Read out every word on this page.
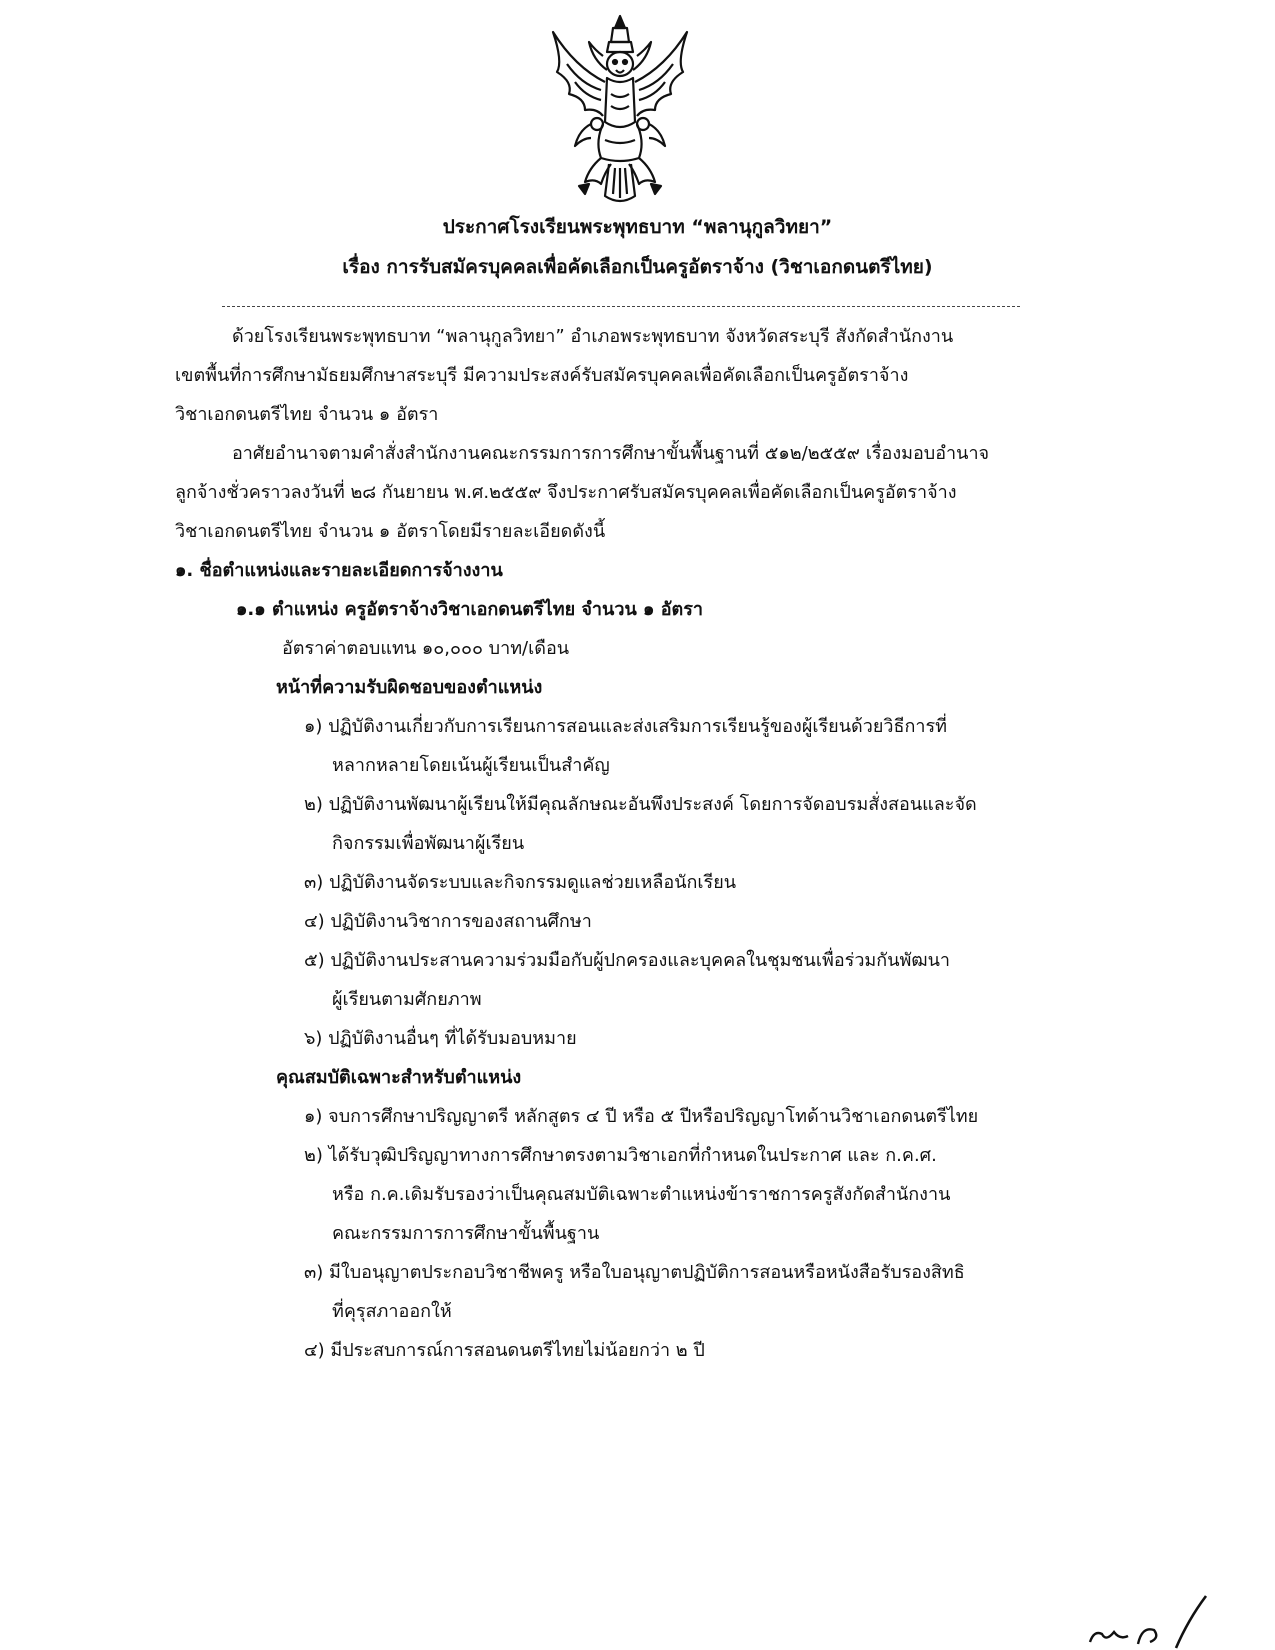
ประกาศโรงเรียนพระพุทธบาท “พลานุกูลวิทยา”
เรื่อง การรับสมัครบุคคลเพื่อคัดเลือกเป็นครูอัตราจ้าง (วิชาเอกดนตรีไทย)
ด้วยโรงเรียนพระพุทธบาท “พลานุกูลวิทยา” อำเภอพระพุทธบาท จังหวัดสระบุรี สังกัดสำนักงาน
เขตพื้นที่การศึกษามัธยมศึกษาสระบุรี มีความประสงค์รับสมัครบุคคลเพื่อคัดเลือกเป็นครูอัตราจ้าง
วิชาเอกดนตรีไทย จำนวน ๑ อัตรา
อาศัยอำนาจตามคำสั่งสำนักงานคณะกรรมการการศึกษาขั้นพื้นฐานที่ ๕๑๒/๒๕๕๙ เรื่องมอบอำนาจ
ลูกจ้างชั่วคราวลงวันที่ ๒๘ กันยายน พ.ศ.๒๕๕๙ จึงประกาศรับสมัครบุคคลเพื่อคัดเลือกเป็นครูอัตราจ้าง
วิชาเอกดนตรีไทย จำนวน ๑ อัตราโดยมีรายละเอียดดังนี้
๑. ชื่อตำแหน่งและรายละเอียดการจ้างงาน
๑.๑ ตำแหน่ง ครูอัตราจ้างวิชาเอกดนตรีไทย จำนวน ๑ อัตรา
อัตราค่าตอบแทน ๑๐,๐๐๐ บาท/เดือน
หน้าที่ความรับผิดชอบของตำแหน่ง
๑) ปฏิบัติงานเกี่ยวกับการเรียนการสอนและส่งเสริมการเรียนรู้ของผู้เรียนด้วยวิธีการที่
หลากหลายโดยเน้นผู้เรียนเป็นสำคัญ
๒) ปฏิบัติงานพัฒนาผู้เรียนให้มีคุณลักษณะอันพึงประสงค์ โดยการจัดอบรมสั่งสอนและจัด
กิจกรรมเพื่อพัฒนาผู้เรียน
๓) ปฏิบัติงานจัดระบบและกิจกรรมดูแลช่วยเหลือนักเรียน
๔) ปฏิบัติงานวิชาการของสถานศึกษา
๕) ปฏิบัติงานประสานความร่วมมือกับผู้ปกครองและบุคคลในชุมชนเพื่อร่วมกันพัฒนา
ผู้เรียนตามศักยภาพ
๖) ปฏิบัติงานอื่นๆ ที่ได้รับมอบหมาย
คุณสมบัติเฉพาะสำหรับตำแหน่ง
๑) จบการศึกษาปริญญาตรี หลักสูตร ๔ ปี หรือ ๕ ปีหรือปริญญาโทด้านวิชาเอกดนตรีไทย
๒) ได้รับวุฒิปริญญาทางการศึกษาตรงตามวิชาเอกที่กำหนดในประกาศ และ ก.ค.ศ.
หรือ ก.ค.เดิมรับรองว่าเป็นคุณสมบัติเฉพาะตำแหน่งข้าราชการครูสังกัดสำนักงาน
คณะกรรมการการศึกษาขั้นพื้นฐาน
๓) มีใบอนุญาตประกอบวิชาชีพครู หรือใบอนุญาตปฏิบัติการสอนหรือหนังสือรับรองสิทธิ
ที่คุรุสภาออกให้
๔) มีประสบการณ์การสอนดนตรีไทยไม่น้อยกว่า ๒ ปี
